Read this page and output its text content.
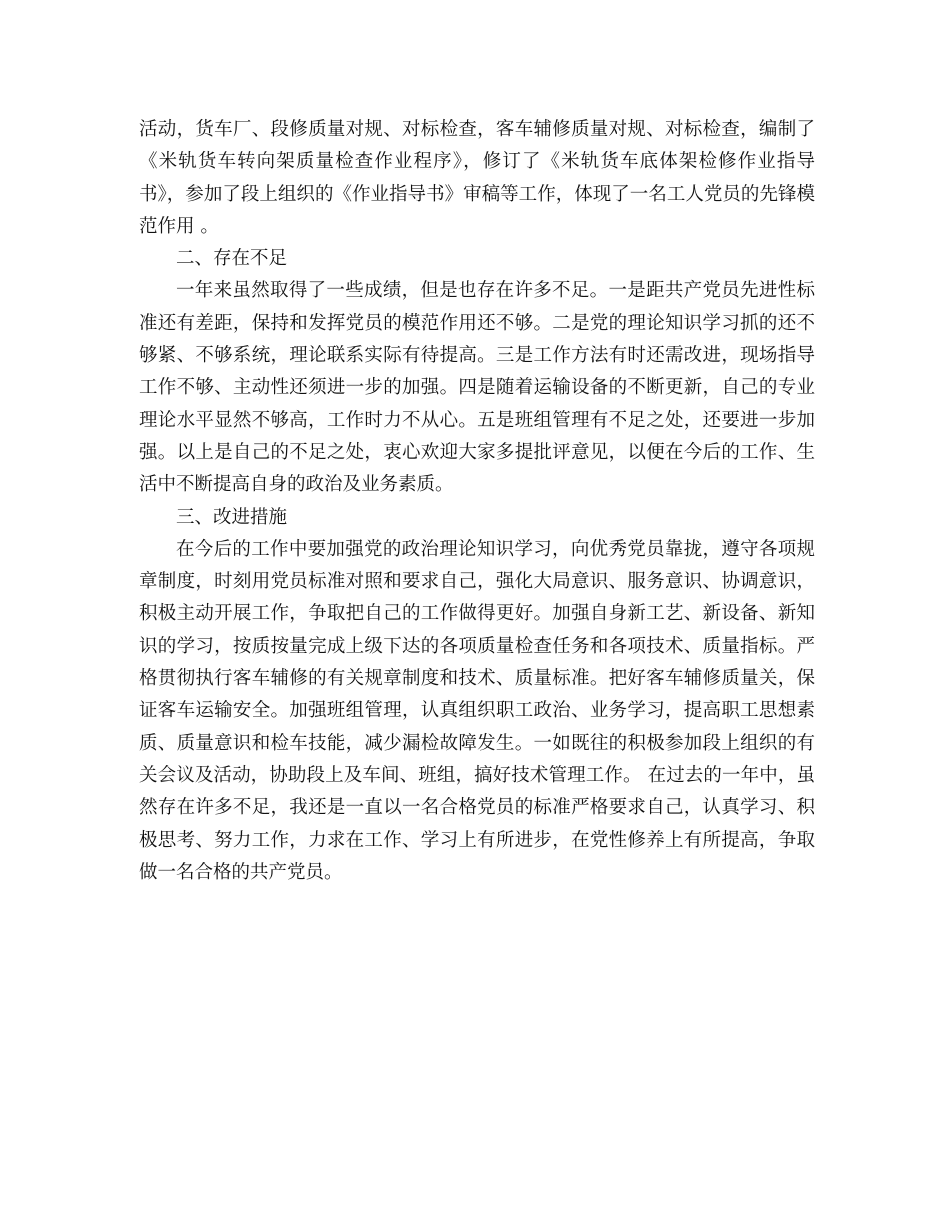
活动，货车厂、段修质量对规、对标检查，客车辅修质量对规、对标检查，编制了《米轨货车转向架质量检查作业程序》，修订了《米轨货车底体架检修作业指导书》，参加了段上组织的《作业指导书》审稿等工作，体现了一名工人党员的先锋模范作用 。

二、存在不足

一年来虽然取得了一些成绩，但是也存在许多不足。一是距共产党员先进性标准还有差距，保持和发挥党员的模范作用还不够。二是党的理论知识学习抓的还不够紧、不够系统，理论联系实际有待提高。三是工作方法有时还需改进，现场指导工作不够、主动性还须进一步的加强。四是随着运输设备的不断更新，自己的专业理论水平显然不够高，工作时力不从心。五是班组管理有不足之处，还要进一步加强。以上是自己的不足之处，衷心欢迎大家多提批评意见，以便在今后的工作、生活中不断提高自身的政治及业务素质。

三、改进措施

在今后的工作中要加强党的政治理论知识学习，向优秀党员靠拢，遵守各项规章制度，时刻用党员标准对照和要求自己，强化大局意识、服务意识、协调意识，积极主动开展工作，争取把自己的工作做得更好。加强自身新工艺、新设备、新知识的学习，按质按量完成上级下达的各项质量检查任务和各项技术、质量指标。严格贯彻执行客车辅修的有关规章制度和技术、质量标准。把好客车辅修质量关，保证客车运输安全。加强班组管理，认真组织职工政治、业务学习，提高职工思想素质、质量意识和检车技能，减少漏检故障发生。一如既往的积极参加段上组织的有关会议及活动，协助段上及车间、班组，搞好技术管理工作。 在过去的一年中，虽然存在许多不足，我还是一直以一名合格党员的标准严格要求自己，认真学习、积极思考、努力工作，力求在工作、学习上有所进步，在党性修养上有所提高，争取做一名合格的共产党员。
